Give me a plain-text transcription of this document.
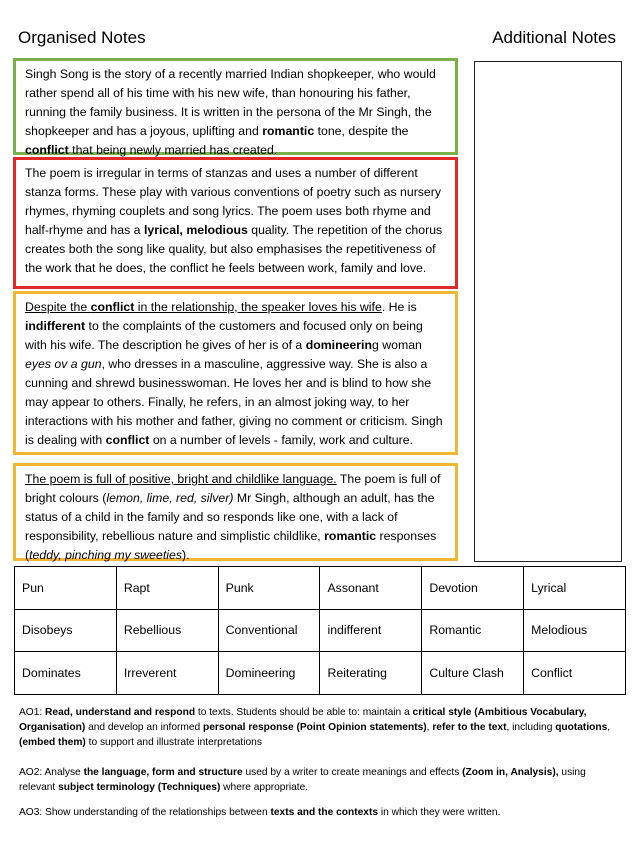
Organised Notes	Additional Notes
Singh Song is the story of a recently married Indian shopkeeper, who would rather spend all of his time with his new wife, than honouring his father, running the family business. It is written in the persona of the Mr Singh, the shopkeeper and has a joyous, uplifting and romantic tone, despite the conflict that being newly married has created.
The poem is irregular in terms of stanzas and uses a number of different stanza forms. These play with various conventions of poetry such as nursery rhymes, rhyming couplets and song lyrics. The poem uses both rhyme and half-rhyme and has a lyrical, melodious quality. The repetition of the chorus creates both the song like quality, but also emphasises the repetitiveness of the work that he does, the conflict he feels between work, family and love.
Despite the conflict in the relationship, the speaker loves his wife. He is indifferent to the complaints of the customers and focused only on being with his wife. The description he gives of her is of a domineering woman eyes ov a gun, who dresses in a masculine, aggressive way. She is also a cunning and shrewd businesswoman. He loves her and is blind to how she may appear to others. Finally, he refers, in an almost joking way, to her interactions with his mother and father, giving no comment or criticism. Singh is dealing with conflict on a number of levels - family, work and culture.
The poem is full of positive, bright and childlike language. The poem is full of bright colours (lemon, lime, red, silver) Mr Singh, although an adult, has the status of a child in the family and so responds like one, with a lack of responsibility, rebellious nature and simplistic childlike, romantic responses (teddy, pinching my sweeties).
Pun	Rapt	Punk	Assonant	Devotion	Lyrical
Disobeys	Rebellious	Conventional	indifferent	Romantic	Melodious
Dominates	Irreverent	Domineering	Reiterating	Culture Clash	Conflict
AO1: Read, understand and respond to texts. Students should be able to: maintain a critical style (Ambitious Vocabulary, Organisation) and develop an informed personal response (Point Opinion statements), refer to the text, including quotations, (embed them) to support and illustrate interpretations
AO2: Analyse the language, form and structure used by a writer to create meanings and effects (Zoom in, Analysis), using relevant subject terminology (Techniques) where appropriate.
AO3: Show understanding of the relationships between texts and the contexts in which they were written.
